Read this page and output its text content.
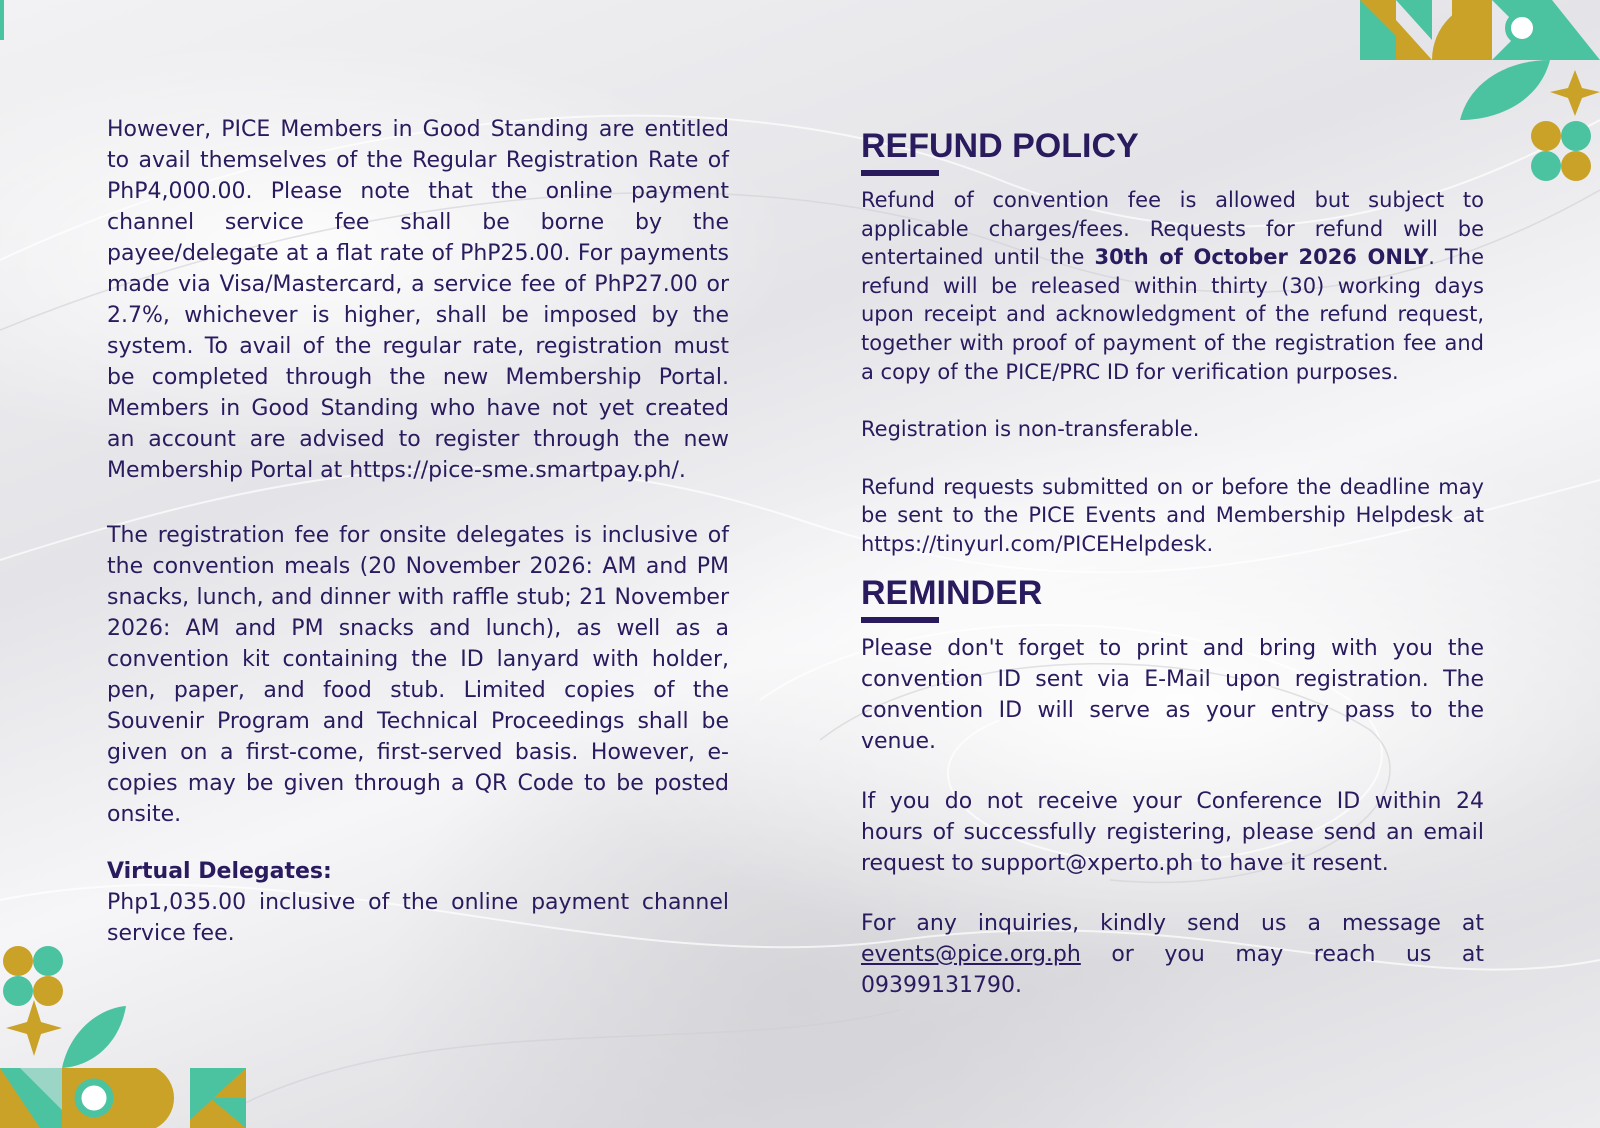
However, PICE Members in Good Standing are entitled to avail themselves of the Regular Registration Rate of PhP4,000.00. Please note that the online payment channel service fee shall be borne by the payee/delegate at a flat rate of PhP25.00. For payments made via Visa/Mastercard, a service fee of PhP27.00 or 2.7%, whichever is higher, shall be imposed by the system. To avail of the regular rate, registration must be completed through the new Membership Portal. Members in Good Standing who have not yet created an account are advised to register through the new Membership Portal at https://pice-sme.smartpay.ph/.

The registration fee for onsite delegates is inclusive of the convention meals (20 November 2026: AM and PM snacks, lunch, and dinner with raffle stub; 21 November 2026: AM and PM snacks and lunch), as well as a convention kit containing the ID lanyard with holder, pen, paper, and food stub. Limited copies of the Souvenir Program and Technical Proceedings shall be given on a first-come, first-served basis. However, e-copies may be given through a QR Code to be posted onsite.

Virtual Delegates:

Php1,035.00 inclusive of the online payment channel service fee.

REFUND POLICY

Refund of convention fee is allowed but subject to applicable charges/fees. Requests for refund will be entertained until the 30th of October 2026 ONLY. The refund will be released within thirty (30) working days upon receipt and acknowledgment of the refund request, together with proof of payment of the registration fee and a copy of the PICE/PRC ID for verification purposes.

Registration is non-transferable.

Refund requests submitted on or before the deadline may be sent to the PICE Events and Membership Helpdesk at https://tinyurl.com/PICEHelpdesk.

REMINDER

Please don't forget to print and bring with you the convention ID sent via E-Mail upon registration. The convention ID will serve as your entry pass to the venue.

If you do not receive your Conference ID within 24 hours of successfully registering, please send an email request to support@xperto.ph to have it resent.

For any inquiries, kindly send us a message at events@pice.org.ph or you may reach us at 09399131790.
